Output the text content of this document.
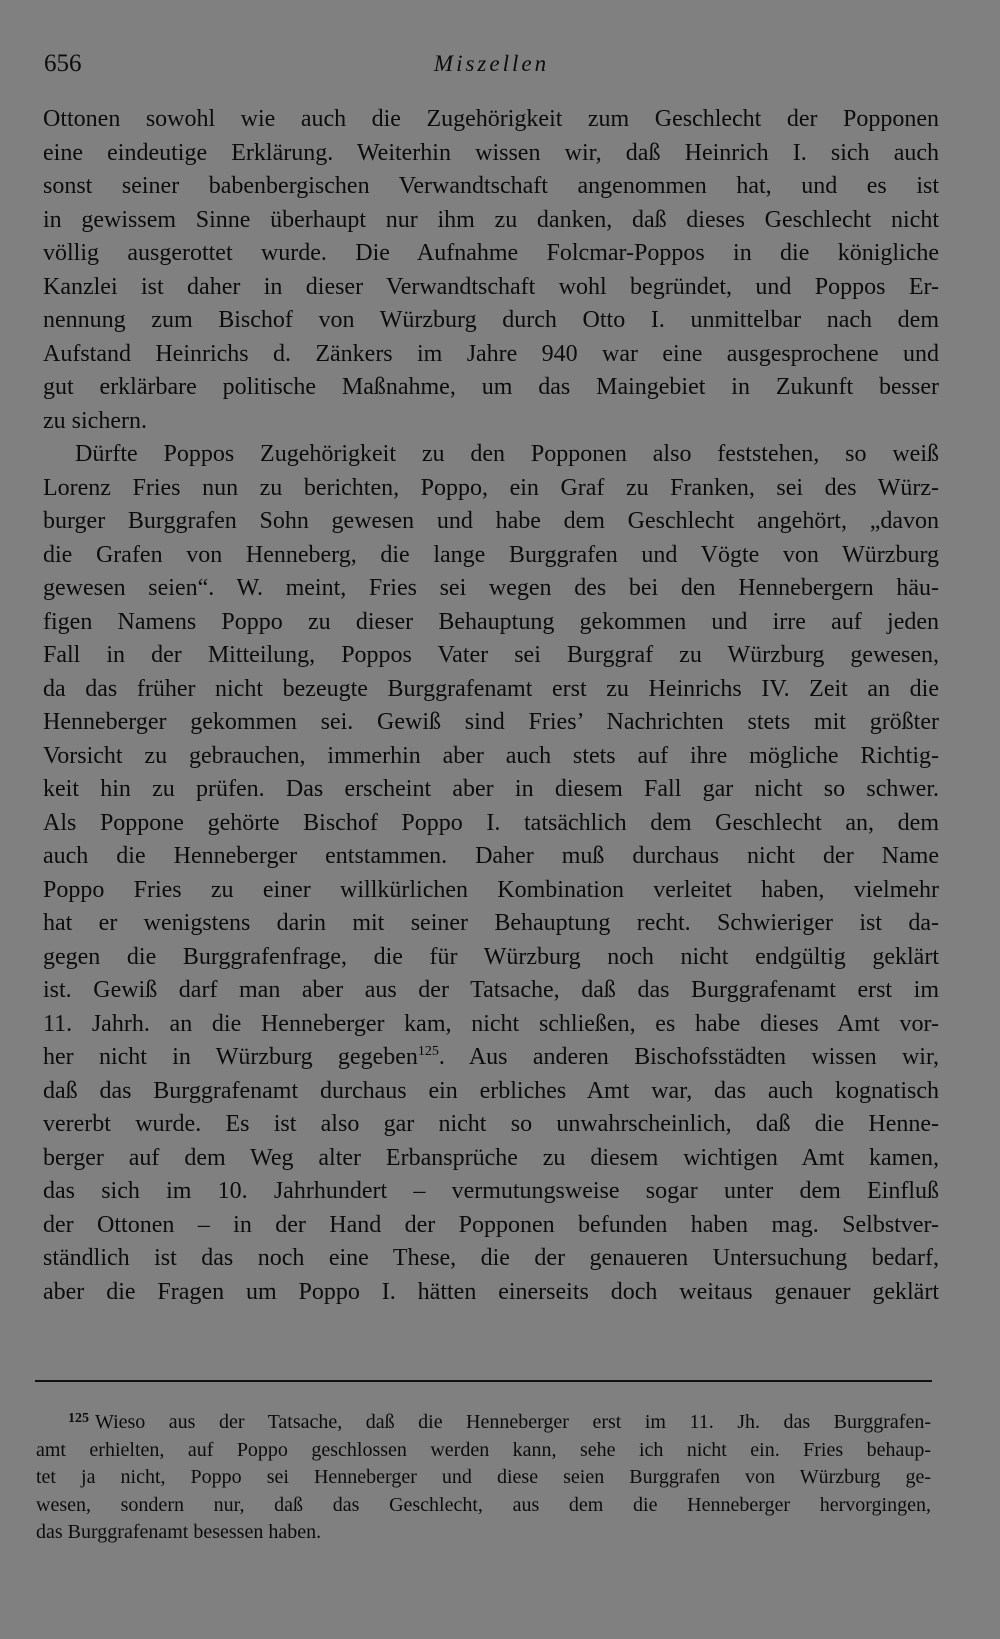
656	Miszellen
Ottonen sowohl wie auch die Zugehörigkeit zum Geschlecht der Popponen
eine eindeutige Erklärung. Weiterhin wissen wir, daß Heinrich I. sich auch
sonst seiner babenbergischen Verwandtschaft angenommen hat, und es ist
in gewissem Sinne überhaupt nur ihm zu danken, daß dieses Geschlecht nicht
völlig ausgerottet wurde. Die Aufnahme Folcmar-Poppos in die königliche
Kanzlei ist daher in dieser Verwandtschaft wohl begründet, und Poppos Er-
nennung zum Bischof von Würzburg durch Otto I. unmittelbar nach dem
Aufstand Heinrichs d. Zänkers im Jahre 940 war eine ausgesprochene und
gut erklärbare politische Maßnahme, um das Maingebiet in Zukunft besser
zu sichern.
Dürfte Poppos Zugehörigkeit zu den Popponen also feststehen, so weiß
Lorenz Fries nun zu berichten, Poppo, ein Graf zu Franken, sei des Würz-
burger Burggrafen Sohn gewesen und habe dem Geschlecht angehört, „davon
die Grafen von Henneberg, die lange Burggrafen und Vögte von Würzburg
gewesen seien“. W. meint, Fries sei wegen des bei den Hennebergern häu-
figen Namens Poppo zu dieser Behauptung gekommen und irre auf jeden
Fall in der Mitteilung, Poppos Vater sei Burggraf zu Würzburg gewesen,
da das früher nicht bezeugte Burggrafenamt erst zu Heinrichs IV. Zeit an die
Henneberger gekommen sei. Gewiß sind Fries’ Nachrichten stets mit größter
Vorsicht zu gebrauchen, immerhin aber auch stets auf ihre mögliche Richtig-
keit hin zu prüfen. Das erscheint aber in diesem Fall gar nicht so schwer.
Als Poppone gehörte Bischof Poppo I. tatsächlich dem Geschlecht an, dem
auch die Henneberger entstammen. Daher muß durchaus nicht der Name
Poppo Fries zu einer willkürlichen Kombination verleitet haben, vielmehr
hat er wenigstens darin mit seiner Behauptung recht. Schwieriger ist da-
gegen die Burggrafenfrage, die für Würzburg noch nicht endgültig geklärt
ist. Gewiß darf man aber aus der Tatsache, daß das Burggrafenamt erst im
11. Jahrh. an die Henneberger kam, nicht schließen, es habe dieses Amt vor-
her nicht in Würzburg gegeben$^{125}$. Aus anderen Bischofsstädten wissen wir,
daß das Burggrafenamt durchaus ein erbliches Amt war, das auch kognatisch
vererbt wurde. Es ist also gar nicht so unwahrscheinlich, daß die Henne-
berger auf dem Weg alter Erbansprüche zu diesem wichtigen Amt kamen,
das sich im 10. Jahrhundert – vermutungsweise sogar unter dem Einfluß
der Ottonen – in der Hand der Popponen befunden haben mag. Selbstver-
ständlich ist das noch eine These, die der genaueren Untersuchung bedarf,
aber die Fragen um Poppo I. hätten einerseits doch weitaus genauer geklärt
$^{125}$ Wieso aus der Tatsache, daß die Henneberger erst im 11. Jh. das Burggrafen-
amt erhielten, auf Poppo geschlossen werden kann, sehe ich nicht ein. Fries behaup-
tet ja nicht, Poppo sei Henneberger und diese seien Burggrafen von Würzburg ge-
wesen, sondern nur, daß das Geschlecht, aus dem die Henneberger hervorgingen,
das Burggrafenamt besessen haben.
